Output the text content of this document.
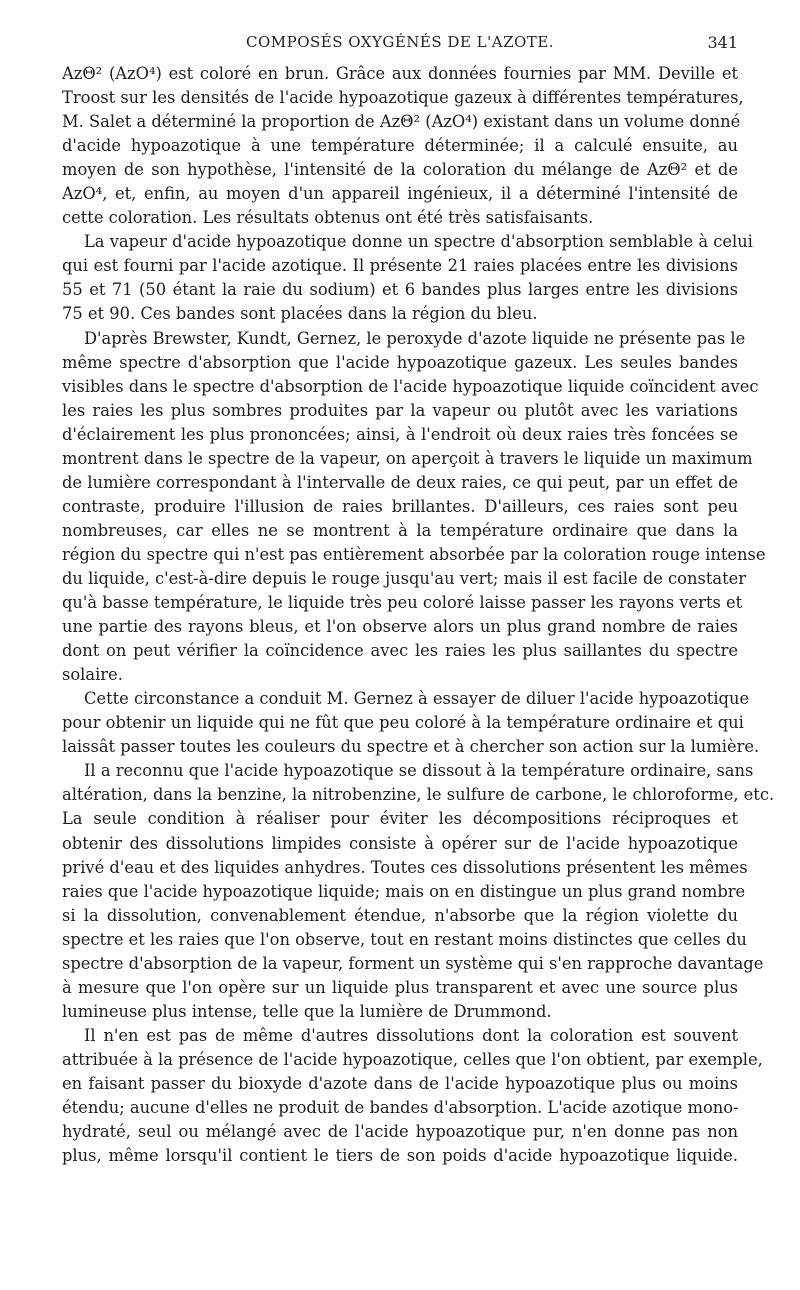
COMPOSÉS OXYGÉNÉS DE L'AZOTE.	341
AzΘ² (AzO⁴) est coloré en brun. Grâce aux données fournies par MM. Deville et
Troost sur les densités de l'acide hypoazotique gazeux à différentes températures,
M. Salet a déterminé la proportion de AzΘ² (AzO⁴) existant dans un volume donné
d'acide hypoazotique à une température déterminée; il a calculé ensuite, au
moyen de son hypothèse, l'intensité de la coloration du mélange de AzΘ² et de
AzO⁴, et, enfin, au moyen d'un appareil ingénieux, il a déterminé l'intensité de
cette coloration. Les résultats obtenus ont été très satisfaisants.
La vapeur d'acide hypoazotique donne un spectre d'absorption semblable à celui
qui est fourni par l'acide azotique. Il présente 21 raies placées entre les divisions
55 et 71 (50 étant la raie du sodium) et 6 bandes plus larges entre les divisions
75 et 90. Ces bandes sont placées dans la région du bleu.
D'après Brewster, Kundt, Gernez, le peroxyde d'azote liquide ne présente pas le
même spectre d'absorption que l'acide hypoazotique gazeux. Les seules bandes
visibles dans le spectre d'absorption de l'acide hypoazotique liquide coïncident avec
les raies les plus sombres produites par la vapeur ou plutôt avec les variations
d'éclairement les plus prononcées; ainsi, à l'endroit où deux raies très foncées se
montrent dans le spectre de la vapeur, on aperçoit à travers le liquide un maximum
de lumière correspondant à l'intervalle de deux raies, ce qui peut, par un effet de
contraste, produire l'illusion de raies brillantes. D'ailleurs, ces raies sont peu
nombreuses, car elles ne se montrent à la température ordinaire que dans la
région du spectre qui n'est pas entièrement absorbée par la coloration rouge intense
du liquide, c'est-à-dire depuis le rouge jusqu'au vert; mais il est facile de constater
qu'à basse température, le liquide très peu coloré laisse passer les rayons verts et
une partie des rayons bleus, et l'on observe alors un plus grand nombre de raies
dont on peut vérifier la coïncidence avec les raies les plus saillantes du spectre
solaire.
Cette circonstance a conduit M. Gernez à essayer de diluer l'acide hypoazotique
pour obtenir un liquide qui ne fût que peu coloré à la température ordinaire et qui
laissât passer toutes les couleurs du spectre et à chercher son action sur la lumière.
Il a reconnu que l'acide hypoazotique se dissout à la température ordinaire, sans
altération, dans la benzine, la nitrobenzine, le sulfure de carbone, le chloroforme, etc.
La seule condition à réaliser pour éviter les décompositions réciproques et
obtenir des dissolutions limpides consiste à opérer sur de l'acide hypoazotique
privé d'eau et des liquides anhydres. Toutes ces dissolutions présentent les mêmes
raies que l'acide hypoazotique liquide; mais on en distingue un plus grand nombre
si la dissolution, convenablement étendue, n'absorbe que la région violette du
spectre et les raies que l'on observe, tout en restant moins distinctes que celles du
spectre d'absorption de la vapeur, forment un système qui s'en rapproche davantage
à mesure que l'on opère sur un liquide plus transparent et avec une source plus
lumineuse plus intense, telle que la lumière de Drummond.
Il n'en est pas de même d'autres dissolutions dont la coloration est souvent
attribuée à la présence de l'acide hypoazotique, celles que l'on obtient, par exemple,
en faisant passer du bioxyde d'azote dans de l'acide hypoazotique plus ou moins
étendu; aucune d'elles ne produit de bandes d'absorption. L'acide azotique mono-
hydraté, seul ou mélangé avec de l'acide hypoazotique pur, n'en donne pas non
plus, même lorsqu'il contient le tiers de son poids d'acide hypoazotique liquide.
